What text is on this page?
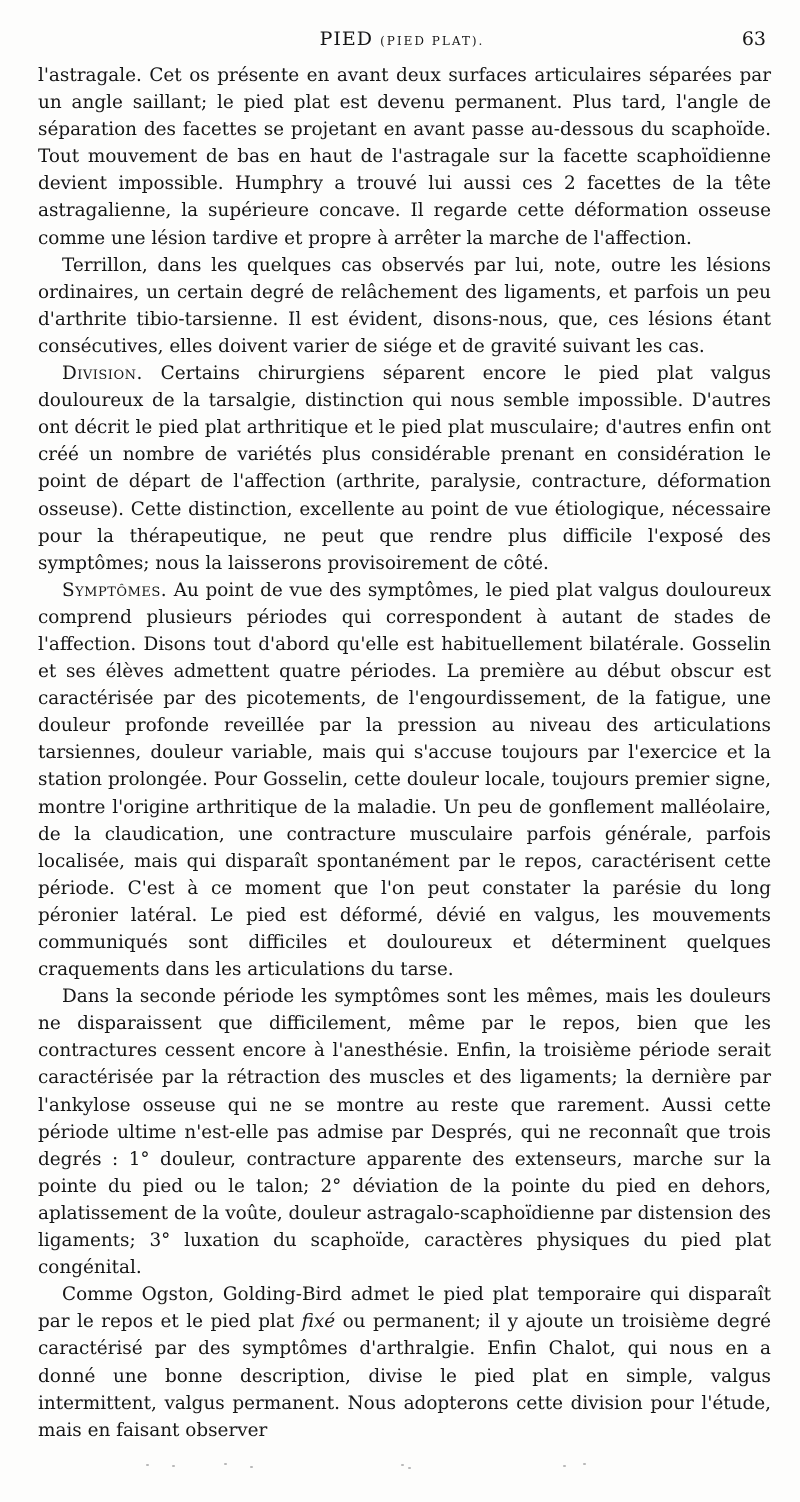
PIED (PIED PLAT).	63

l'astragale. Cet os présente en avant deux surfaces articulaires séparées par un angle saillant; le pied plat est devenu permanent. Plus tard, l'angle de séparation des facettes se projetant en avant passe au-dessous du scaphoïde. Tout mouvement de bas en haut de l'astragale sur la facette scaphoïdienne devient impossible. Humphry a trouvé lui aussi ces 2 facettes de la tête astragalienne, la supérieure concave. Il regarde cette déformation osseuse comme une lésion tardive et propre à arrêter la marche de l'affection.

Terrillon, dans les quelques cas observés par lui, note, outre les lésions ordinaires, un certain degré de relâchement des ligaments, et parfois un peu d'arthrite tibio-tarsienne. Il est évident, disons-nous, que, ces lésions étant consécutives, elles doivent varier de siége et de gravité suivant les cas.

Division. Certains chirurgiens séparent encore le pied plat valgus douloureux de la tarsalgie, distinction qui nous semble impossible. D'autres ont décrit le pied plat arthritique et le pied plat musculaire; d'autres enfin ont créé un nombre de variétés plus considérable prenant en considération le point de départ de l'affection (arthrite, paralysie, contracture, déformation osseuse). Cette distinction, excellente au point de vue étiologique, nécessaire pour la thérapeutique, ne peut que rendre plus difficile l'exposé des symptômes; nous la laisserons provisoirement de côté.

Symptômes. Au point de vue des symptômes, le pied plat valgus douloureux comprend plusieurs périodes qui correspondent à autant de stades de l'affection. Disons tout d'abord qu'elle est habituellement bilatérale. Gosselin et ses élèves admettent quatre périodes. La première au début obscur est caractérisée par des picotements, de l'engourdissement, de la fatigue, une douleur profonde reveillée par la pression au niveau des articulations tarsiennes, douleur variable, mais qui s'accuse toujours par l'exercice et la station prolongée. Pour Gosselin, cette douleur locale, toujours premier signe, montre l'origine arthritique de la maladie. Un peu de gonflement malléolaire, de la claudication, une contracture musculaire parfois générale, parfois localisée, mais qui disparaît spontanément par le repos, caractérisent cette période. C'est à ce moment que l'on peut constater la parésie du long péronier latéral. Le pied est déformé, dévié en valgus, les mouvements communiqués sont difficiles et douloureux et déterminent quelques craquements dans les articulations du tarse.

Dans la seconde période les symptômes sont les mêmes, mais les douleurs ne disparaissent que difficilement, même par le repos, bien que les contractures cessent encore à l'anesthésie. Enfin, la troisième période serait caractérisée par la rétraction des muscles et des ligaments; la dernière par l'ankylose osseuse qui ne se montre au reste que rarement. Aussi cette période ultime n'est-elle pas admise par Després, qui ne reconnaît que trois degrés : 1° douleur, contracture apparente des extenseurs, marche sur la pointe du pied ou le talon; 2° déviation de la pointe du pied en dehors, aplatissement de la voûte, douleur astragalo-scaphoïdienne par distension des ligaments; 3° luxation du scaphoïde, caractères physiques du pied plat congénital.

Comme Ogston, Golding-Bird admet le pied plat temporaire qui disparaît par le repos et le pied plat fixé ou permanent; il y ajoute un troisième degré caractérisé par des symptômes d'arthralgie. Enfin Chalot, qui nous en a donné une bonne description, divise le pied plat en simple, valgus intermittent, valgus permanent. Nous adopterons cette division pour l'étude, mais en faisant observer
